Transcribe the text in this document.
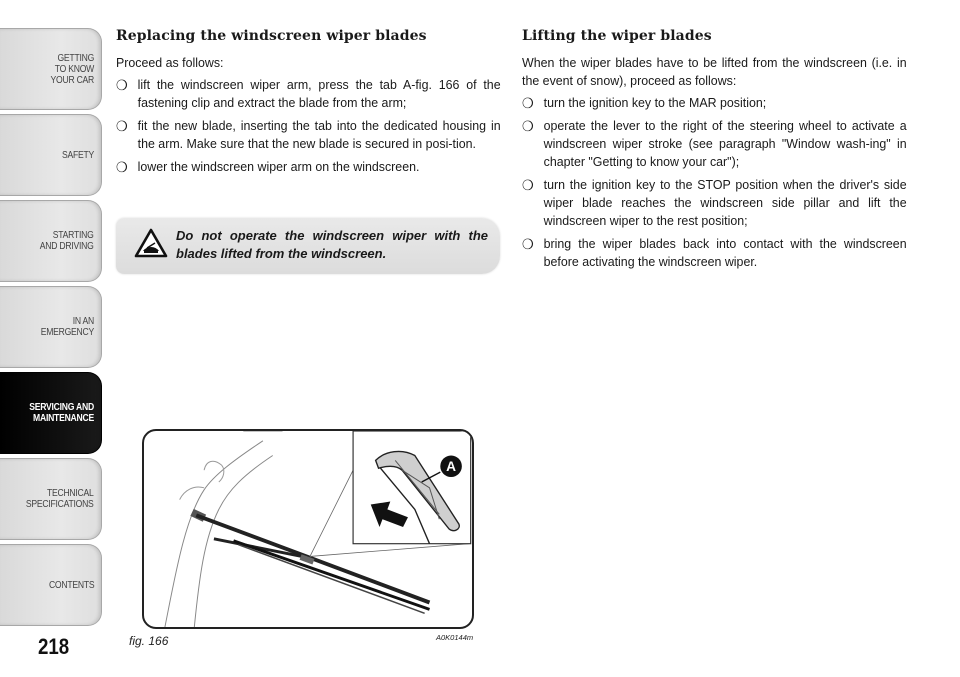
GETTING
TO KNOW
YOUR CAR
SAFETY
STARTING
AND DRIVING
IN AN
EMERGENCY
SERVICING AND
MAINTENANCE
TECHNICAL
SPECIFICATIONS
CONTENTS
218
Replacing the windscreen wiper blades
Proceed as follows:
❍ lift the windscreen wiper arm, press the tab A-fig. 166 of the fastening clip and extract the blade from the arm;
❍ fit the new blade, inserting the tab into the dedicated housing in the arm. Make sure that the new blade is secured in posi-tion.
❍ lower the windscreen wiper arm on the windscreen.
Do not operate the windscreen wiper with the blades lifted from the windscreen.
Lifting the wiper blades
When the wiper blades have to be lifted from the windscreen (i.e. in the event of snow), proceed as follows:
❍ turn the ignition key to the MAR position;
❍ operate the lever to the right of the steering wheel to activate a windscreen wiper stroke (see paragraph "Window wash-ing" in chapter "Getting to know your car");
❍ turn the ignition key to the STOP position when the driver's side wiper blade reaches the windscreen side pillar and lift the windscreen wiper to the rest position;
❍ bring the wiper blades back into contact with the windscreen before activating the windscreen wiper.
A
fig. 166	A0K0144m
